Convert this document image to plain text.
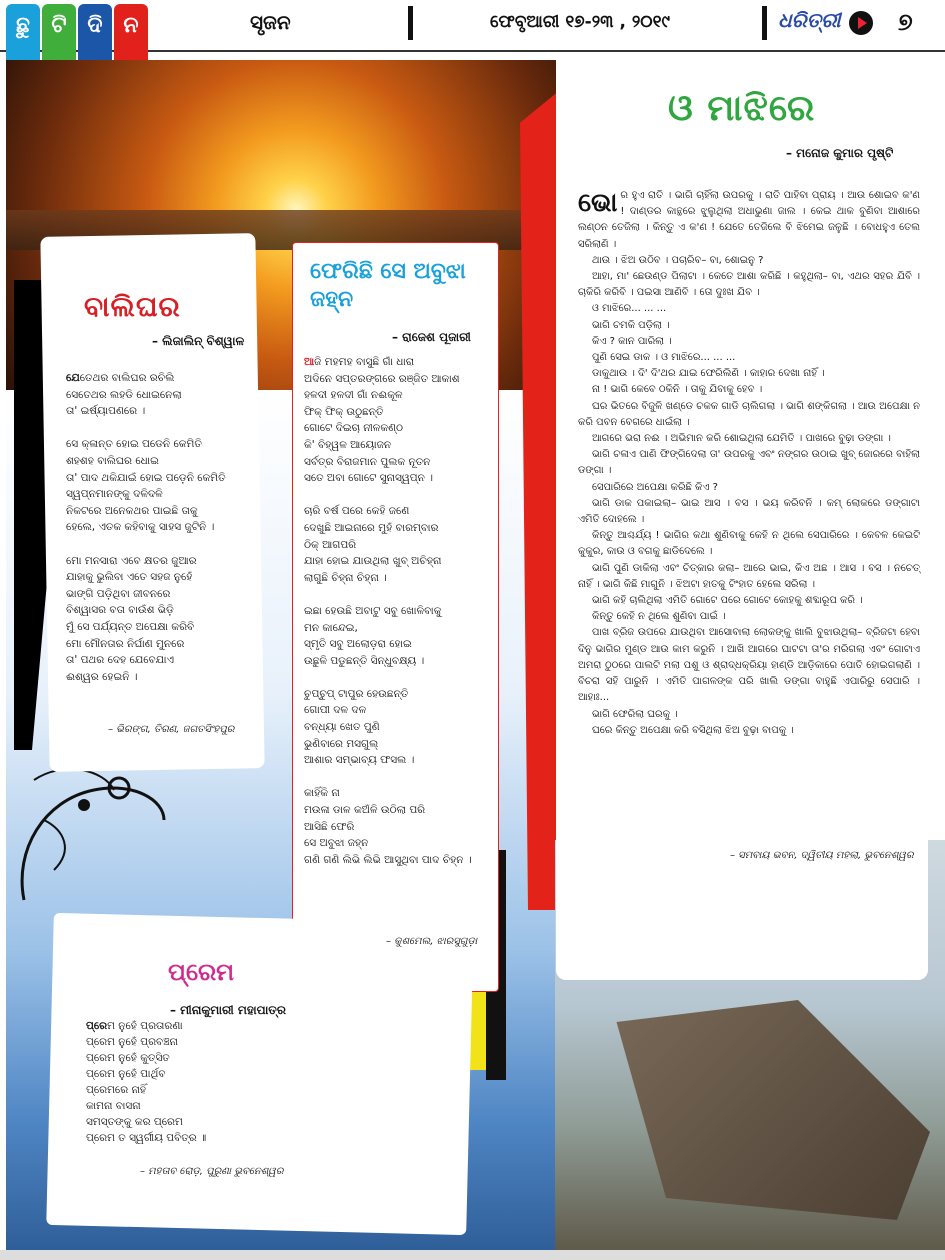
ଛୁ ଟି ଦି ନ	ସୃଜନ	ଫେବୃଆରୀ ୧୭-୨୩ , ୨୦୧୯	ଧରିତ୍ରୀ ୭
ବାଲିଘର
– ଲିଜାଲିନ୍ ବିଶ୍ୱାଳ
ଯେତେଥର ବାଲିଘର ରଚିଲି
ସେତେଥର ଲହଡି ଧୋଇନେଲା
ତା' ଇର୍ଷ୍ୟାପଣରେ ।

ସେ କ୍ଳାନ୍ତ ହୋଇ ପଡେନି କେମିତି
ଶହଶହ ବାଲିଘର ଧୋଇ
ତା' ପାଦ ଥକିଯାଇଁ ହୋଇ ପଡ଼େନି କେମିତି
ସ୍ୱପ୍ନମାନଙ୍କୁ ଦଳିଦଳି
ନିକଟରେ ଅନେକଥର ପାଇଛି ତାକୁ
ହେଲେ, ଏତକ କହିବାକୁ ସାହସ ଜୁଟିନି ।

ମୋ ମନସାରା ଏବେ କ୍ଷତର ଜୁଆର
ଯାହାକୁ ଭୁଲିବା ଏତେ ସହଜ ନୁହେଁ
ଭାଙ୍ଗି ପଡ଼ିଥିବା ଜୀବନରେ
ବିଶ୍ୱାସର ବତା ବାଉଁଶ ଭିଡ଼ି
ମୁଁ ସେ ପର୍ଯ୍ୟନ୍ତ ଅପେକ୍ଷା କରିବି
ମୋ ମୌନତାର ନିର୍ଘାଣ ମୁନରେ
ତା' ପଥର ଦେହ ଯେବେଯାଏ
ଈଶ୍ୱର ହେଇନି ।
– ଭିରଙ୍ଗ, ତିରଣ, ଜଗତସିଂହପୁର
ଫେରିଛି ସେ ଅବୁଝା ଜହ୍ନ
– ରାଜେଶ ପୂଜାରୀ
ଆଜି ମହମହ ବାସୁଛି ଗାଁ ଧାରା
ଅଦିନେ ସପ୍ତରଙ୍ଗରେ ରଞ୍ଜିତ ଆକାଶ
ହଳଦୀ ହଳଦୀ ଗାଁ ନଈକୂଳ
ଫିକ୍ ଫିକ୍ ଉଠୁଛନ୍ତି
ଗୋଟେ ଦିଇଚା ନୀଳକଣ୍ଠ
କି' ବିହ୍ୱଳ ଆୟୋଜନ
ସର୍ବତ୍ର ବିରାଜମାନ ପୁଲକ ନୂତନ
ସତେ ଅବା ଗୋଟେ ସୁନାସ୍ୱପ୍ନ ।

ଚାରି ବର୍ଷ ପରେ କେହି ଜଣେ
ଦେଖୁଛି ଆଇନାରେ ମୁହଁ ବାରମ୍ବାର
ଠିକ୍ ଆଗପରି
ଯାହା ହୋଇ ଯାଉଥିଲା ଖୁବ୍ ଅଚିହ୍ନା
ଲାଗୁଛି ଚିହ୍ନା ଚିହ୍ନା ।

ଇଛା ହେଉଛି ଅବାଟୁ ସବୁ ଖୋଳିବାକୁ
ମନ କାନ୍ଦେଇ,
ସ୍ମୃତି ସବୁ ଅଲୋଡ଼ରା ହୋଇ
ଉଛୁଳି ପଡୁଛନ୍ତି ସିନ୍ଧୁବକ୍ଷ୍ୟ ।

ଚୁପ୍‌ଚୁପ୍ ଟାପୁର ହେଉଛନ୍ତି
ଗୋପୀ ଦଳ ଦଳ
ବନ୍ଧ୍ୟା ଖେତ ପୁଣି
ଭୁଣିବାରେ ମସଗୁଲ୍
ଆଶାର ସମ୍ଭାବ୍ୟ ଫସଲ ।

କାହିଁକି ନା
ମଉଳା ଡାଳ କଅଁଳି ଉଠିଲା ପରି
ଆସିଛି ଫେରି
ସେ ଅବୁଝା ଜହ୍ନ
ଗଣି ଗଣି ଲିଭି ଲିଭି ଆସୁଥିବା ପାଦ ଚିହ୍ନ ।
– କୁଶମେଲ, ଝାରସୁଗୁଡ଼ା
ଓ ମାଝିରେ
– ମନୋଜ କୁମାର ପୃଷ୍ଟି
ଭୋ ର ହୁଏ ରାତି । ଭାଗି ଚାହିଁଲା ଉପରକୁ । ରାତି ପାହିବା ପ୍ରାୟ । ଆଉ ଶୋଇବ କ'ଣ ! ଦାଣ୍ଡର କାନ୍ଥରେ ଝୁଲୁଥିଲା ଅଧାଭୁଣା ଜାଲ । କେଇ ଥାକ ବୁଣିବା ଆଶାରେ ଲଣ୍ଠନ ତେଜିଲା । କିନ୍ତୁ ଏ କ'ଣ ! ଯେତେ ତେଜିଲେ ବି ଝିମେଇ ଜଳୁଛି । ବୋଧହୁଏ ତେଲ ସରିଲାଣି ।

ଥାଉ । ଝିଅ ଉଠିବ । ପଚାରିବ– ବା, ଶୋଇନୁ ?

ଆହା, ମା' ଛେଉଣ୍ଡ ପିଲାଟା । କେତେ ଆଶା କରିଛି । କହୁଥିଲା– ବା, ଏଥର ସହର ଯିବି । ଚାକିରି କରିବି । ପଇସା ଆଣିବି । ତୋ ଦୁଃଖ ଯିବ ।

ଓ ମାଝିରେ... ... ...

ଭାଗି ଚମକି ପଡ଼ିଲା ।

କିଏ ? କାନ ପାରିଲା ।

ପୁଣି ସେଇ ଡାକ । ଓ ମାଝିରେ... ... ...

ଡାକୁଥାଉ । ଦି' ଦି'ଥର ଯାଇ ଫେରିଲିଣି । କାହାର ଦେଖା ନାହିଁ ।

ନା ! ଭାଗି କେବେ ଠକିନି । ତାକୁ ଯିବାକୁ ହେବ ।

ଘର ଭିତରେ ବିଜୁଳି ଖଣ୍ଡେ ଚକକ ଗାଡି ଚାଲିଗଲା । ଭାଗି ଶଙ୍କିଗଲା । ଆଉ ଅପେକ୍ଷା ନ କରି ପବନ ବେଗରେ ଧାଇଁଲା ।

ଆଗରେ ଭରା ନଈ । ଅଭିମାନ କରି ଶୋଇଥିଲା ଯେମିତି । ପାଖରେ ବୁଢ଼ା ଡଙ୍ଗା ।

ଭାଗି ଚଳାଏ ପାଣି ଫିଙ୍ଗିଦେଲା ତା' ଉପରକୁ ଏବଂ ନଙ୍ଗର ଉଠାଇ ଖୁବ୍ ଜୋରରେ ବାହିଲା ଡଙ୍ଗା ।

ସେପାରିରେ ଅପେକ୍ଷା କରିଛି କିଏ ?

ଭାଗି ଡାକ ପକାଇଲା– ଭାଇ ଆସ । ବସ । ଭୟ କରିବନି । କମ୍ ଲୋକରେ ଡଙ୍ଗାଟା ଏମିତି ଦୋହଲେ ।

କିନ୍ତୁ ଆଶ୍ଚର୍ଯ୍ୟ ! ଭାଗିର କଥା ଶୁଣିବାକୁ କେହି ନ ଥିଲେ ସେପାରିରେ । କେବଳ କେଇଟି କୁକୁର, କାଉ ଓ ବଗକୁ ଛାଡିଦେଲେ ।

ଭାଗି ପୁଣି ଡାକିଲା ଏବଂ ଚିତ୍କାର କଲା– ଆରେ ଭାଇ, କିଏ ଅଛ । ଆସ । ବସ । ନଚେତ୍ ନାହିଁ । ଭାଗି କିଛି ମାଗୁନି । ଝିଅଟା ହାତକୁ ଟିଂହାତ ହେଲେ ସରିଲା ।

ଭାଗି କହି ଚାଲିଥିଲା ଏମିତି ଗୋଟେ ପରେ ଗୋଟେ କୋହକୁ ଶବ୍ଦାରୂପ କରି ।

କିନ୍ତୁ କେହି ନ ଥିଲେ ଶୁଣିବା ପାଇଁ ।

ପାଖ ବ୍ରିଜ ଉପରେ ଯାଉଥିବା ଆସୋବାଲା ଲୋକଙ୍କୁ ଖାଲି ବୁଝାଉଥିଲା– ବ୍ରିଜଟା ହେବା ଦିନୁ ଭାଗିର ମୁଣ୍ଡ ଆଉ କାମ କରୁନି । ଆଖି ଆଗରେ ଘାଟଟା ତା'ର ମରିଗଲା ଏବଂ ଗୋଟାଏ ଅମରା ଠୁଠରେ ପାଲଟି ମଲା ପଶୁ ଓ ଶ୍ରାଦ୍ଧକ୍ରିୟା ହାଣ୍ଡି ଆଡ଼ିକାରେ ପୋତି ହୋଇଗଲାଣି । ବିଚରା ସହି ପାରୁନି । ଏମିତି ପାଗଳଙ୍କ ପରି ଖାଲି ଡଙ୍ଗା ବାହୁଛି ଏପାରିରୁ ସେପାରି । ଆହାଃ...

ଭାଗି ଫେରିଲା ଘରକୁ ।

ଘରେ କିନ୍ତୁ ଅପେକ୍ଷା କରି ବସିଥିଲା ଝିଅ ବୁଢ଼ା ବାପକୁ ।

– ସମବାୟ ଭବନ, ଦ୍ୱିତୀୟ ମହଲା, ଭୁବନେଶ୍ୱର
ପ୍ରେମ
– ମୀନାକୁମାରୀ ମହାପାତ୍ର
ପ୍ରେମ ନୁହେଁ ପ୍ରତାରଣା
ପ୍ରେମ ନୁହେଁ ପ୍ରବଞ୍ଚନା
ପ୍ରେମ ନୁହେଁ କୁତ୍ସିତ
ପ୍ରେମ ନୁହେଁ ପାର୍ଥିବ
ପ୍ରେମରେ ନାହିଁ
କାମନା ବାସନା
ସମସ୍ତଙ୍କୁ କର ପ୍ରେମ
ପ୍ରେମ ତ ସ୍ୱର୍ଗୀୟ ପବିତ୍ର ॥
– ମହତାବ ରୋଡ଼, ପୁରୁଣା ଭୁବନେଶ୍ୱର
